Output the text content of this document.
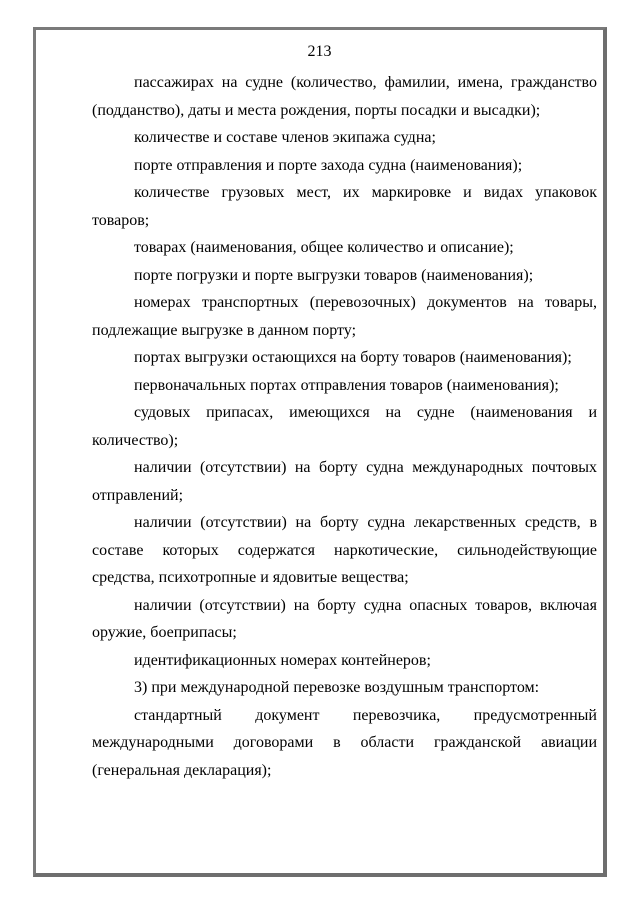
213

пассажирах на судне (количество, фамилии, имена, гражданство (подданство), даты и места рождения, порты посадки и высадки);

количестве и составе членов экипажа судна;

порте отправления и порте захода судна (наименования);

количестве грузовых мест, их маркировке и видах упаковок товаров;

товарах (наименования, общее количество и описание);

порте погрузки и порте выгрузки товаров (наименования);

номерах транспортных (перевозочных) документов на товары, подлежащие выгрузке в данном порту;

портах выгрузки остающихся на борту товаров (наименования);

первоначальных портах отправления товаров (наименования);

судовых припасах, имеющихся на судне (наименования и количество);

наличии (отсутствии) на борту судна международных почтовых отправлений;

наличии (отсутствии) на борту судна лекарственных средств, в составе которых содержатся наркотические, сильнодействующие средства, психотропные и ядовитые вещества;

наличии (отсутствии) на борту судна опасных товаров, включая оружие, боеприпасы;

идентификационных номерах контейнеров;

3) при международной перевозке воздушным транспортом:

стандартный документ перевозчика, предусмотренный международными договорами в области гражданской авиации (генеральная декларация);
